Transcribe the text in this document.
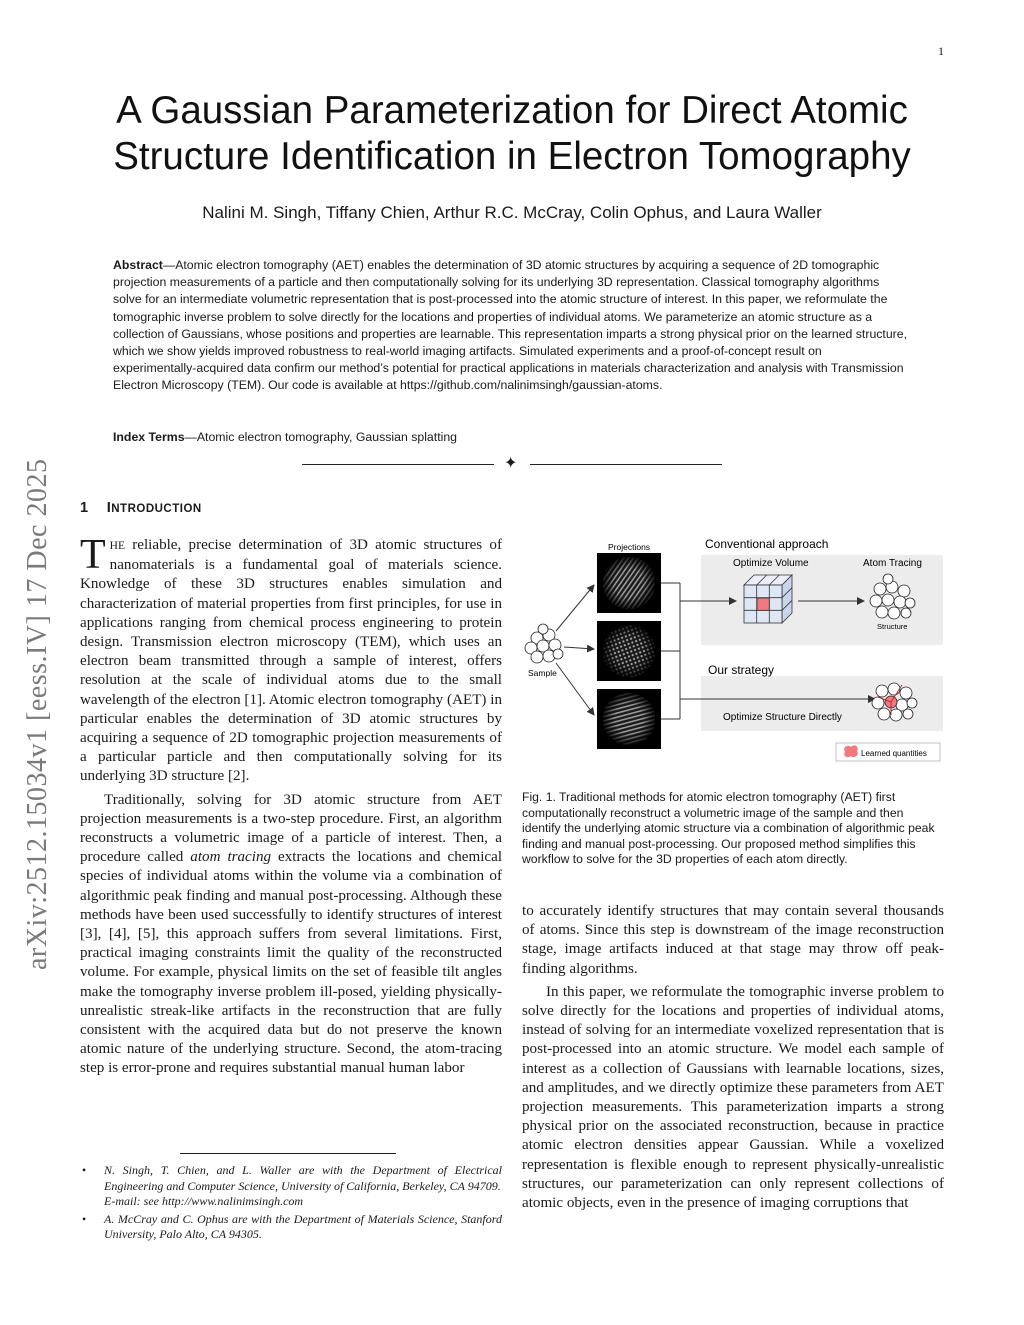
1
arXiv:2512.15034v1 [eess.IV] 17 Dec 2025
A Gaussian Parameterization for Direct Atomic
Structure Identification in Electron Tomography
Nalini M. Singh, Tiffany Chien, Arthur R.C. McCray, Colin Ophus, and Laura Waller
Abstract—Atomic electron tomography (AET) enables the determination of 3D atomic structures by acquiring a sequence of 2D tomographic projection measurements of a particle and then computationally solving for its underlying 3D representation. Classical tomography algorithms solve for an intermediate volumetric representation that is post-processed into the atomic structure of interest. In this paper, we reformulate the tomographic inverse problem to solve directly for the locations and properties of individual atoms. We parameterize an atomic structure as a collection of Gaussians, whose positions and properties are learnable. This representation imparts a strong physical prior on the learned structure, which we show yields improved robustness to real-world imaging artifacts. Simulated experiments and a proof-of-concept result on experimentally-acquired data confirm our method’s potential for practical applications in materials characterization and analysis with Transmission Electron Microscopy (TEM). Our code is available at https://github.com/nalinimsingh/gaussian-atoms.
Index Terms—Atomic electron tomography, Gaussian splatting
✦
1 INTRODUCTION

THE reliable, precise determination of 3D atomic structures of nanomaterials is a fundamental goal of materials science. Knowledge of these 3D structures enables simulation and characterization of material properties from first principles, for use in applications ranging from chemical process engineering to protein design. Transmission electron microscopy (TEM), which uses an electron beam transmitted through a sample of interest, offers resolution at the scale of individual atoms due to the small wavelength of the electron [1]. Atomic electron tomography (AET) in particular enables the determination of 3D atomic structures by acquiring a sequence of 2D tomographic projection measurements of a particular particle and then computationally solving for its underlying 3D structure [2].

Traditionally, solving for 3D atomic structure from AET projection measurements is a two-step procedure. First, an algorithm reconstructs a volumetric image of a particle of interest. Then, a procedure called atom tracing extracts the locations and chemical species of individual atoms within the volume via a combination of algorithmic peak finding and manual post-processing. Although these methods have been used successfully to identify structures of interest [3], [4], [5], this approach suffers from several limitations. First, practical imaging constraints limit the quality of the reconstructed volume. For example, physical limits on the set of feasible tilt angles make the tomography inverse problem ill-posed, yielding physically-unrealistic streak-like artifacts in the reconstruction that are fully consistent with the acquired data but do not preserve the known atomic nature of the underlying structure. Second, the atom-tracing step is error-prone and requires substantial manual human labor

• N. Singh, T. Chien, and L. Waller are with the Department of Electrical Engineering and Computer Science, University of California, Berkeley, CA 94709.
E-mail: see http://www.nalinimsingh.com
• A. McCray and C. Ophus are with the Department of Materials Science, Stanford University, Palo Alto, CA 94305.
Projections	Conventional approach
Optimize Volume	Atom Tracing
Structure
Our strategy
Optimize Structure Directly
Sample
Learned quantities
Fig. 1. Traditional methods for atomic electron tomography (AET) first computationally reconstruct a volumetric image of the sample and then identify the underlying atomic structure via a combination of algorithmic peak finding and manual post-processing. Our proposed method simplifies this workflow to solve for the 3D properties of each atom directly.

to accurately identify structures that may contain several thousands of atoms. Since this step is downstream of the image reconstruction stage, image artifacts induced at that stage may throw off peak-finding algorithms.

In this paper, we reformulate the tomographic inverse problem to solve directly for the locations and properties of individual atoms, instead of solving for an intermediate voxelized representation that is post-processed into an atomic structure. We model each sample of interest as a collection of Gaussians with learnable locations, sizes, and amplitudes, and we directly optimize these parameters from AET projection measurements. This parameterization imparts a strong physical prior on the associated reconstruction, because in practice atomic electron densities appear Gaussian. While a voxelized representation is flexible enough to represent physically-unrealistic structures, our parameterization can only represent collections of atomic objects, even in the presence of imaging corruptions that
